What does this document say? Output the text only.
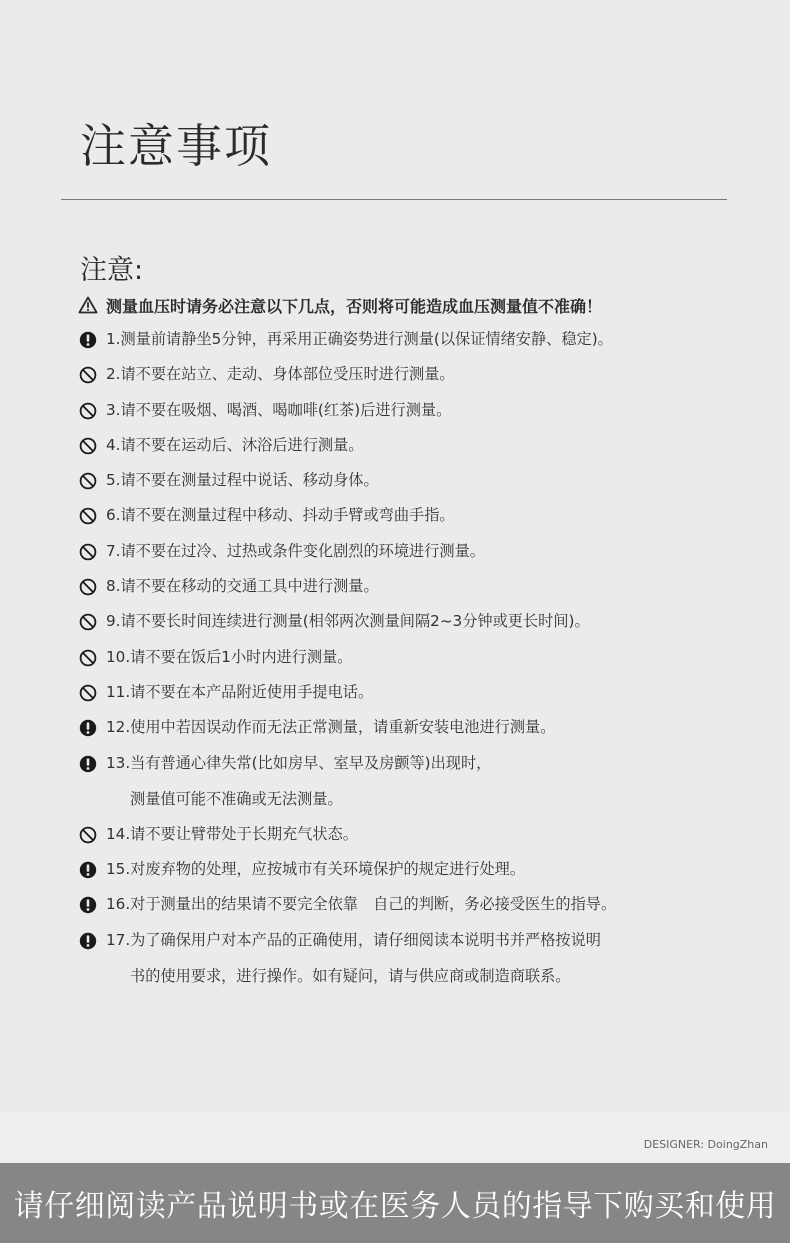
注意事项
注意:
测量血压时请务必注意以下几点，否则将可能造成血压测量值不准确！
1.测量前请静坐5分钟，再采用正确姿势进行测量(以保证情绪安静、稳定)。
2.请不要在站立、走动、身体部位受压时进行测量。
3.请不要在吸烟、喝酒、喝咖啡(红茶)后进行测量。
4.请不要在运动后、沐浴后进行测量。
5.请不要在测量过程中说话、移动身体。
6.请不要在测量过程中移动、抖动手臂或弯曲手指。
7.请不要在过冷、过热或条件变化剧烈的环境进行测量。
8.请不要在移动的交通工具中进行测量。
9.请不要长时间连续进行测量(相邻两次测量间隔2~3分钟或更长时间)。
10.请不要在饭后1小时内进行测量。
11.请不要在本产品附近使用手提电话。
12.使用中若因误动作而无法正常测量，请重新安装电池进行测量。
13.当有普通心律失常(比如房早、室早及房颤等)出现时，
测量值可能不准确或无法测量。
14.请不要让臂带处于长期充气状态。
15.对废弃物的处理，应按城市有关环境保护的规定进行处理。
16.对于测量出的结果请不要完全依靠　自己的判断，务必接受医生的指导。
17.为了确保用户对本产品的正确使用，请仔细阅读本说明书并严格按说明
书的使用要求，进行操作。如有疑问，请与供应商或制造商联系。
DESIGNER: DoingZhan
请仔细阅读产品说明书或在医务人员的指导下购买和使用
